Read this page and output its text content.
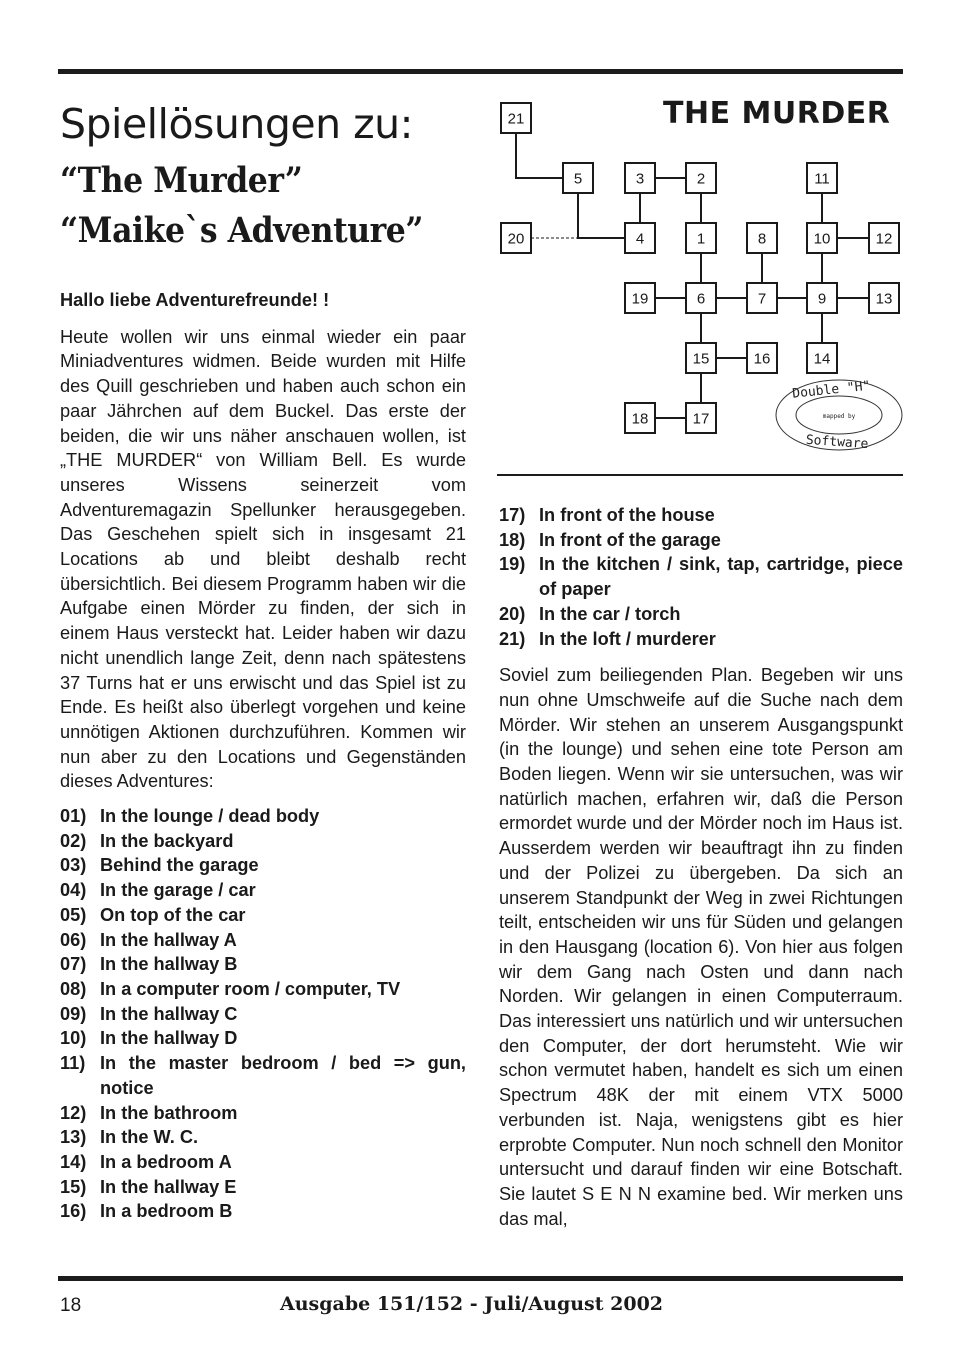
Spiellösungen zu:
“The Murder”
“Maike`s Adventure”

Hallo liebe Adventurefreunde! !

Heute wollen wir uns einmal wieder ein paar Miniadventures widmen. Beide wurden mit Hilfe des Quill geschrieben und haben auch schon ein paar Jährchen auf dem Buckel. Das erste der beiden, die wir uns näher anschauen wollen, ist „THE MURDER“ von William Bell. Es wurde unseres Wissens seinerzeit vom Adventuremagazin Spellunker herausgegeben. Das Geschehen spielt sich in insgesamt 21 Locations ab und bleibt deshalb recht übersichtlich. Bei diesem Programm haben wir die Aufgabe einen Mörder zu finden, der sich in einem Haus versteckt hat. Leider haben wir dazu nicht unendlich lange Zeit, denn nach spätestens 37 Turns hat er uns erwischt und das Spiel ist zu Ende. Es heißt also überlegt vorgehen und keine unnötigen Aktionen durchzuführen. Kommen wir nun aber zu den Locations und Gegenständen dieses Adventures:

01) In the lounge / dead body
02) In the backyard
03) Behind the garage
04) In the garage / car
05) On top of the car
06) In the hallway A
07) In the hallway B
08) In a computer room / computer, TV
09) In the hallway C
10) In the hallway D
11) In the master bedroom / bed => gun, notice
12) In the bathroom
13) In the W. C.
14) In a bedroom A
15) In the hallway E
16) In a bedroom B
THE MURDER
21
5	3	2	11
20	4	1	8	10	12
19	6	7	9	13
15	16	14
18	17
Double "H"
mapped by
Software
17) In front of the house
18) In front of the garage
19) In the kitchen / sink, tap, cartridge, piece of paper
20) In the car / torch
21) In the loft / murderer

Soviel zum beiliegenden Plan. Begeben wir uns nun ohne Umschweife auf die Suche nach dem Mörder. Wir stehen an unserem Ausgangspunkt (in the lounge) und sehen eine tote Person am Boden liegen. Wenn wir sie untersuchen, was wir natürlich machen, erfahren wir, daß die Person ermordet wurde und der Mörder noch im Haus ist. Ausserdem werden wir beauftragt ihn zu finden und der Polizei zu übergeben. Da sich an unserem Standpunkt der Weg in zwei Richtungen teilt, entscheiden wir uns für Süden und gelangen in den Hausgang (location 6). Von hier aus folgen wir dem Gang nach Osten und dann nach Norden. Wir gelangen in einen Computerraum. Das interessiert uns natürlich und wir untersuchen den Computer, der dort herumsteht. Wie wir schon vermutet haben, handelt es sich um einen Spectrum 48K der mit einem VTX 5000 verbunden ist. Naja, wenigstens gibt es hier erprobte Computer. Nun noch schnell den Monitor untersucht und darauf finden wir eine Botschaft. Sie lautet S E N N examine bed. Wir merken uns das mal,

18	Ausgabe 151/152 - Juli/August 2002
